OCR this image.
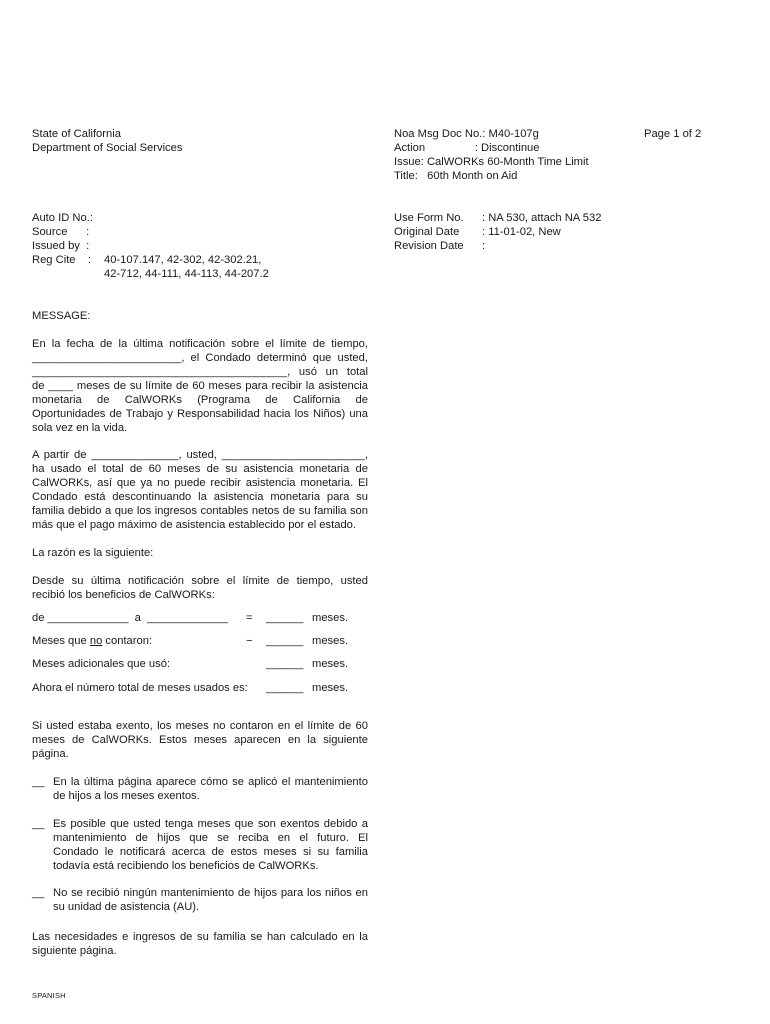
State of California
Department of Social Services
Noa Msg Doc No.: M40-107g
Action                : Discontinue
Issue: CalWORKs 60-Month Time Limit
Title:   60th Month on Aid
Page 1 of 2
Auto ID No.:
Source      :
Issued by  :
Reg Cite    : 40-107.147, 42-302, 42-302.21,
42-712, 44-111, 44-113, 44-207.2
Use Form No.
Original Date
Revision Date
: NA 530, attach NA 532
: 11-01-02, New
:
MESSAGE:
En la fecha de la última notificación sobre el límite de tiempo,
________________________, el Condado determinó que usted,
_________________________________________, usó un total
de ____ meses de su límite de 60 meses para recibir la asistencia
monetaria de CalWORKs (Programa de California de
Oportunidades de Trabajo y Responsabilidad hacia los Niños) una
sola vez en la vida.
A partir de ______________, usted, _______________________,
ha usado el total de 60 meses de su asistencia monetaria de
CalWORKs, así que ya no puede recibir asistencia monetaria. El
Condado está descontinuando la asistencia monetaria para su
familia debido a que los ingresos contables netos de su familia son
más que el pago máximo de asistencia establecido por el estado.
La razón es la siguiente:
Desde su última notificación sobre el límite de tiempo, usted
recibió los beneficios de CalWORKs:
de _____________  a  _____________ = ______ meses.
Meses que no contaron:	− ______ meses.
Meses adicionales que usó:	______ meses.
Ahora el número total de meses usados es: ______ meses.
Si usted estaba exento, los meses no contaron en el límite de 60
meses de CalWORKs. Estos meses aparecen en la siguiente
página.
__ En la última página aparece cómo se aplicó el mantenimiento
de hijos a los meses exentos.
__ Es posible que usted tenga meses que son exentos debido a
mantenimiento de hijos que se reciba en el futuro. El
Condado le notificará acerca de estos meses si su familia
todavía está recibiendo los beneficios de CalWORKs.
__ No se recibió ningún mantenimiento de hijos para los niños en
su unidad de asistencia (AU).
Las necesidades e ingresos de su familia se han calculado en la
siguiente página.
SPANISH
